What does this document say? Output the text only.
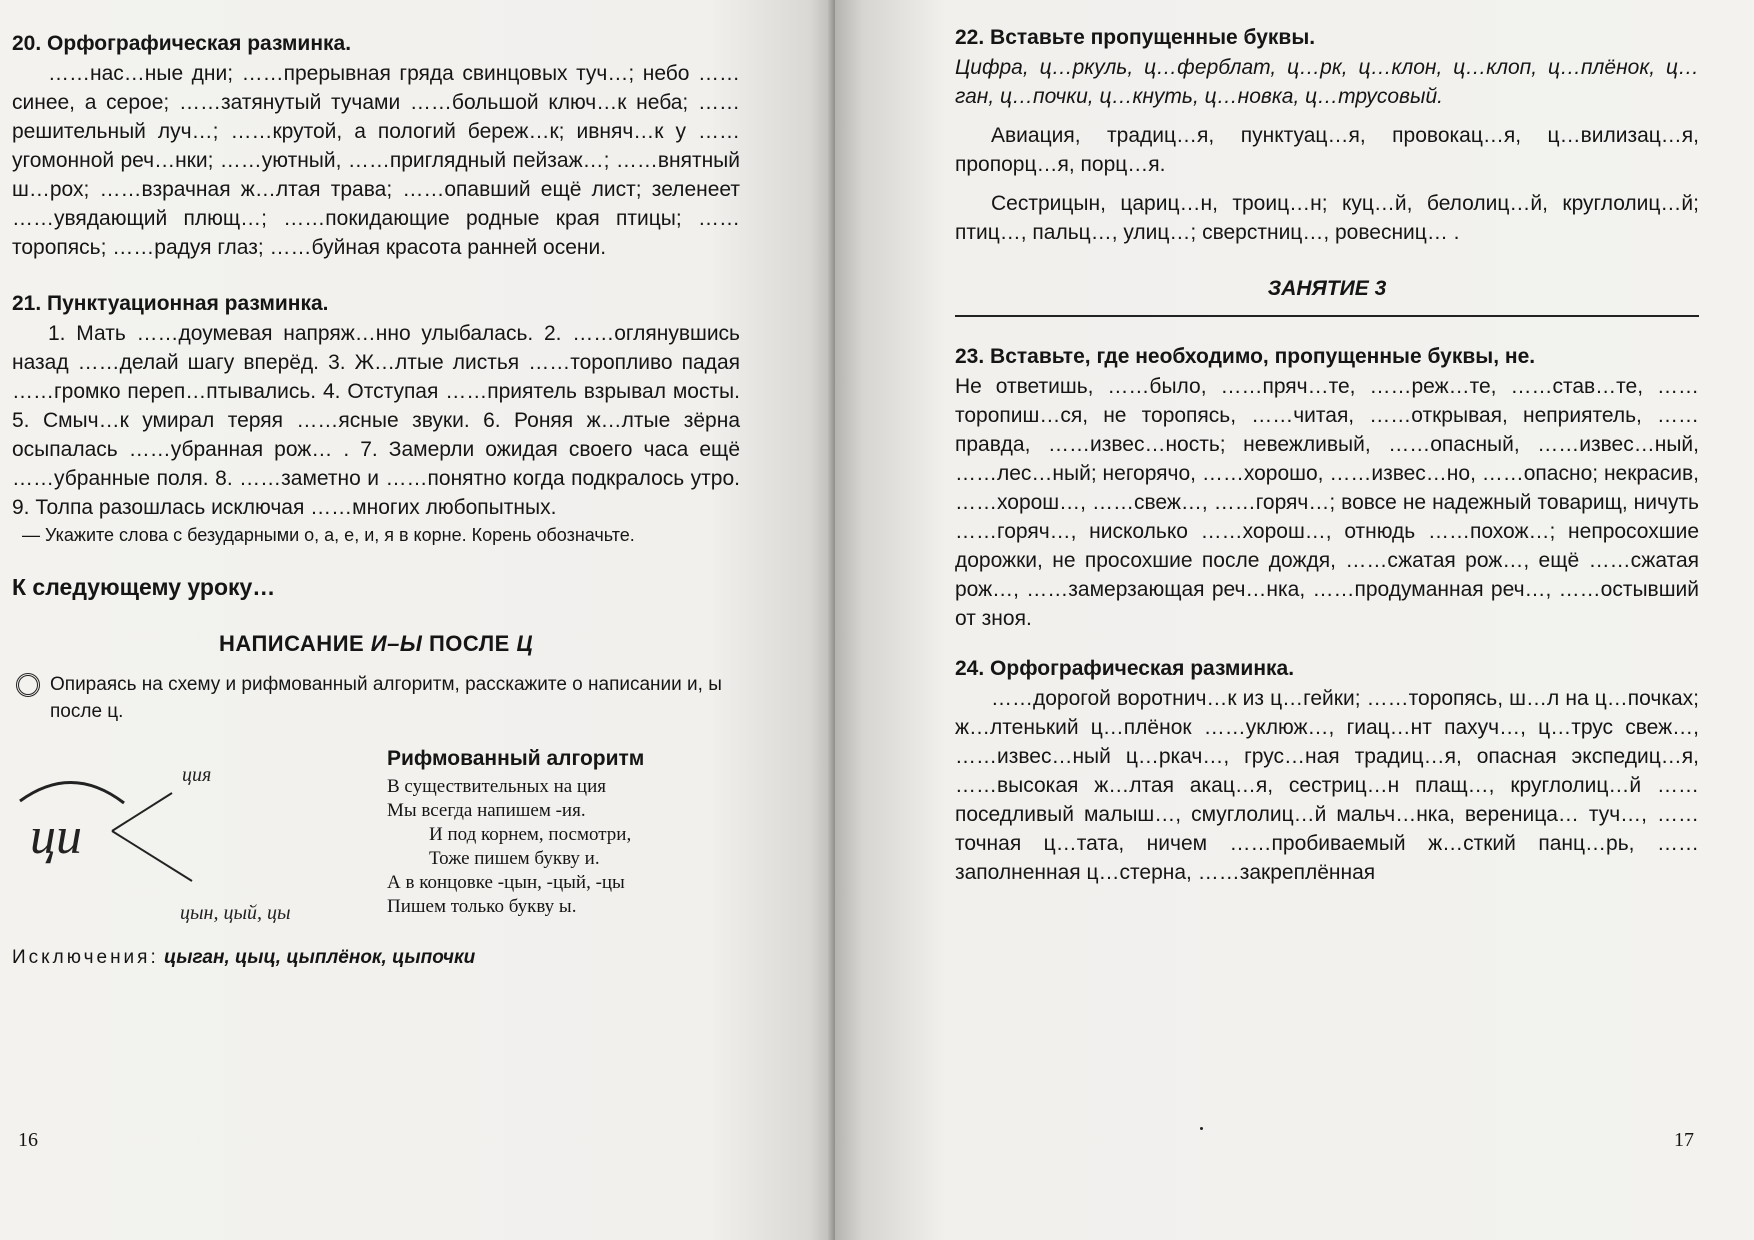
20. Орфографическая разминка.

……нас…ные дни; ……прерывная гряда свинцовых туч…; небо ……синее, а серое; ……затянутый тучами ……большой ключ…к неба; ……решительный луч…; ……крутой, а пологий береж…к; ивняч…к у ……угомонной реч…нки; ……уютный, ……приглядный пейзаж…; ……внятный ш…рох; ……взрачная ж…лтая трава; ……опавший ещё лист; зеленеет ……увядающий плющ…; ……покидающие родные края птицы; ……торопясь; ……радуя глаз; ……буйная красота ранней осени.

21. Пунктуационная разминка.

1. Мать ……доумевая напряж…нно улыбалась. 2. ……оглянувшись назад ……делай шагу вперёд. 3. Ж…лтые листья ……торопливо падая ……громко переп…птывались. 4. Отступая ……приятель взрывал мосты. 5. Смыч…к умирал теряя ……ясные звуки. 6. Роняя ж…лтые зёрна осыпалась ……убранная рож… . 7. Замерли ожидая своего часа ещё ……убранные поля. 8. ……заметно и ……понятно когда подкралось утро. 9. Толпа разошлась исключая ……многих любопытных.

— Укажите слова с безударными о, а, е, и, я в корне. Корень обозначьте.

К следующему уроку…

НАПИСАНИЕ И–Ы ПОСЛЕ Ц

Опираясь на схему и рифмованный алгоритм, расскажите о написании и, ы после ц.
ци
ция
цын, цый, цы

Рифмованный алгоритм

В существительных на ция

Мы всегда напишем -ия.

И под корнем, посмотри,

Тоже пишем букву и.

А в концовке -цын, -цый, -цы

Пишем только букву ы.

Исключения: цыган, цыц, цыплёнок, цыпочки

16

22. Вставьте пропущенные буквы.

Цифра, ц…ркуль, ц…ферблат, ц…рк, ц…клон, ц…клоп, ц…плёнок, ц…ган, ц…почки, ц…кнуть, ц…новка, ц…трусовый.

Авиация, традиц…я, пунктуац…я, провокац…я, ц…вилизац…я, пропорц…я, порц…я.

Сестрицын, цариц…н, троиц…н; куц…й, белолиц…й, круглолиц…й; птиц…, пальц…, улиц…; сверстниц…, ровесниц… .

ЗАНЯТИЕ 3

23. Вставьте, где необходимо, пропущенные буквы, не.

Не ответишь, ……было, ……пряч…те, ……реж…те, ……став…те, ……торопиш…ся, не торопясь, ……читая, ……открывая, неприятель, ……правда, ……извес…ность; невежливый, ……опасный, ……извес…ный, ……лес…ный; негорячо, ……хорошо, ……извес…но, ……опасно; некрасив, ……хорош…, ……свеж…, ……горяч…; вовсе не надежный товарищ, ничуть ……горяч…, нисколько ……хорош…, отнюдь ……похож…; непросохшие дорожки, не просохшие после дождя, ……сжатая рож…, ещё ……сжатая рож…, ……замерзающая реч…нка, ……продуманная реч…, ……остывший от зноя.

24. Орфографическая разминка.

……дорогой воротнич…к из ц…гейки; ……торопясь, ш…л на ц…почках; ж…лтенький ц…плёнок ……уклюж…, гиац…нт пахуч…, ц…трус свеж…, ……извес…ный ц…ркач…, грус…ная традиц…я, опасная экспедиц…я, ……высокая ж…лтая акац…я, сестриц…н плащ…, круглолиц…й ……поседливый малыш…, смуглолиц…й мальч…нка, вереница… туч…, ……точная ц…тата, ничем ……пробиваемый ж…сткий панц…рь, ……заполненная ц…стерна, ……закреплённая

17
